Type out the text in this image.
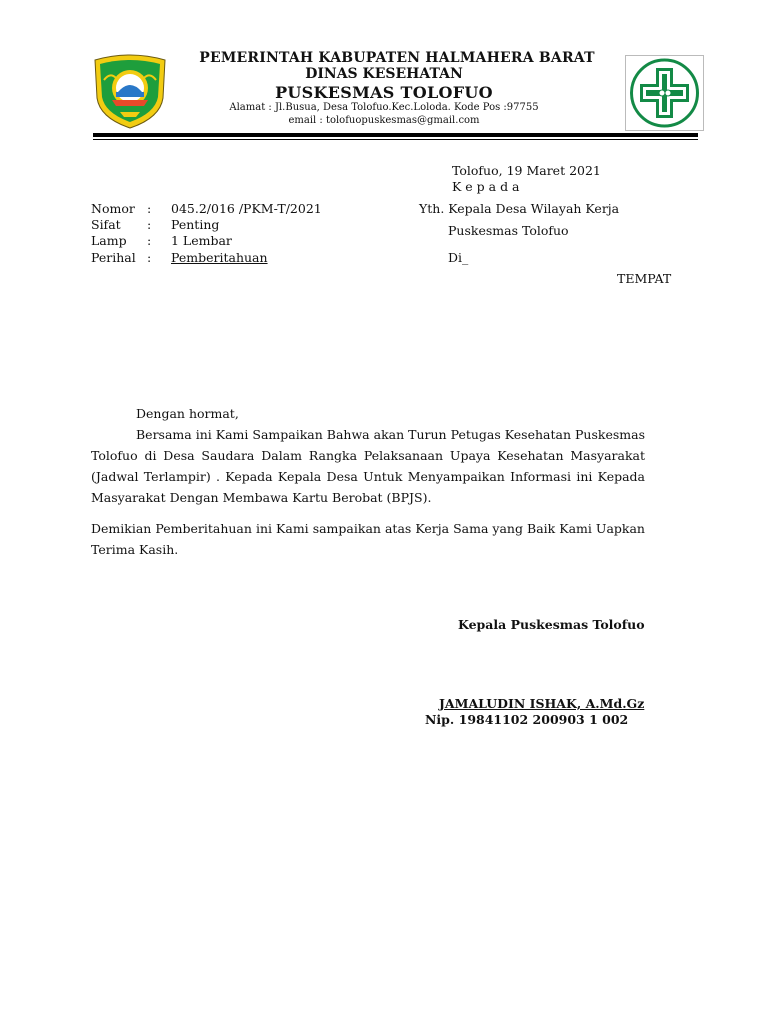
PEMERINTAH KABUPATEN HALMAHERA BARAT
DINAS KESEHATAN
PUSKESMAS TOLOFUO
Alamat : Jl.Busua, Desa Tolofuo.Kec.Loloda. Kode Pos :97755
email : tolofuopuskesmas@gmail.com
Tolofuo, 19 Maret 2021
K e p a d a
Nomor : 045.2/016 /PKM-T/2021
Sifat : Penting
Lamp : 1 Lembar
Perihal : Pemberitahuan
Yth. Kepala Desa Wilayah Kerja
Puskesmas Tolofuo
Di_
TEMPAT
Dengan hormat,
Bersama ini Kami Sampaikan Bahwa akan Turun Petugas Kesehatan Puskesmas Tolofuo di Desa Saudara Dalam Rangka Pelaksanaan Upaya Kesehatan Masyarakat (Jadwal Terlampir) . Kepada Kepala Desa Untuk Menyampaikan Informasi ini Kepada Masyarakat Dengan Membawa Kartu Berobat (BPJS).
Demikian Pemberitahuan ini Kami sampaikan atas Kerja Sama yang Baik Kami Uapkan Terima Kasih.
Kepala Puskesmas Tolofuo
JAMALUDIN ISHAK, A.Md.Gz
Nip. 19841102 200903 1 002
